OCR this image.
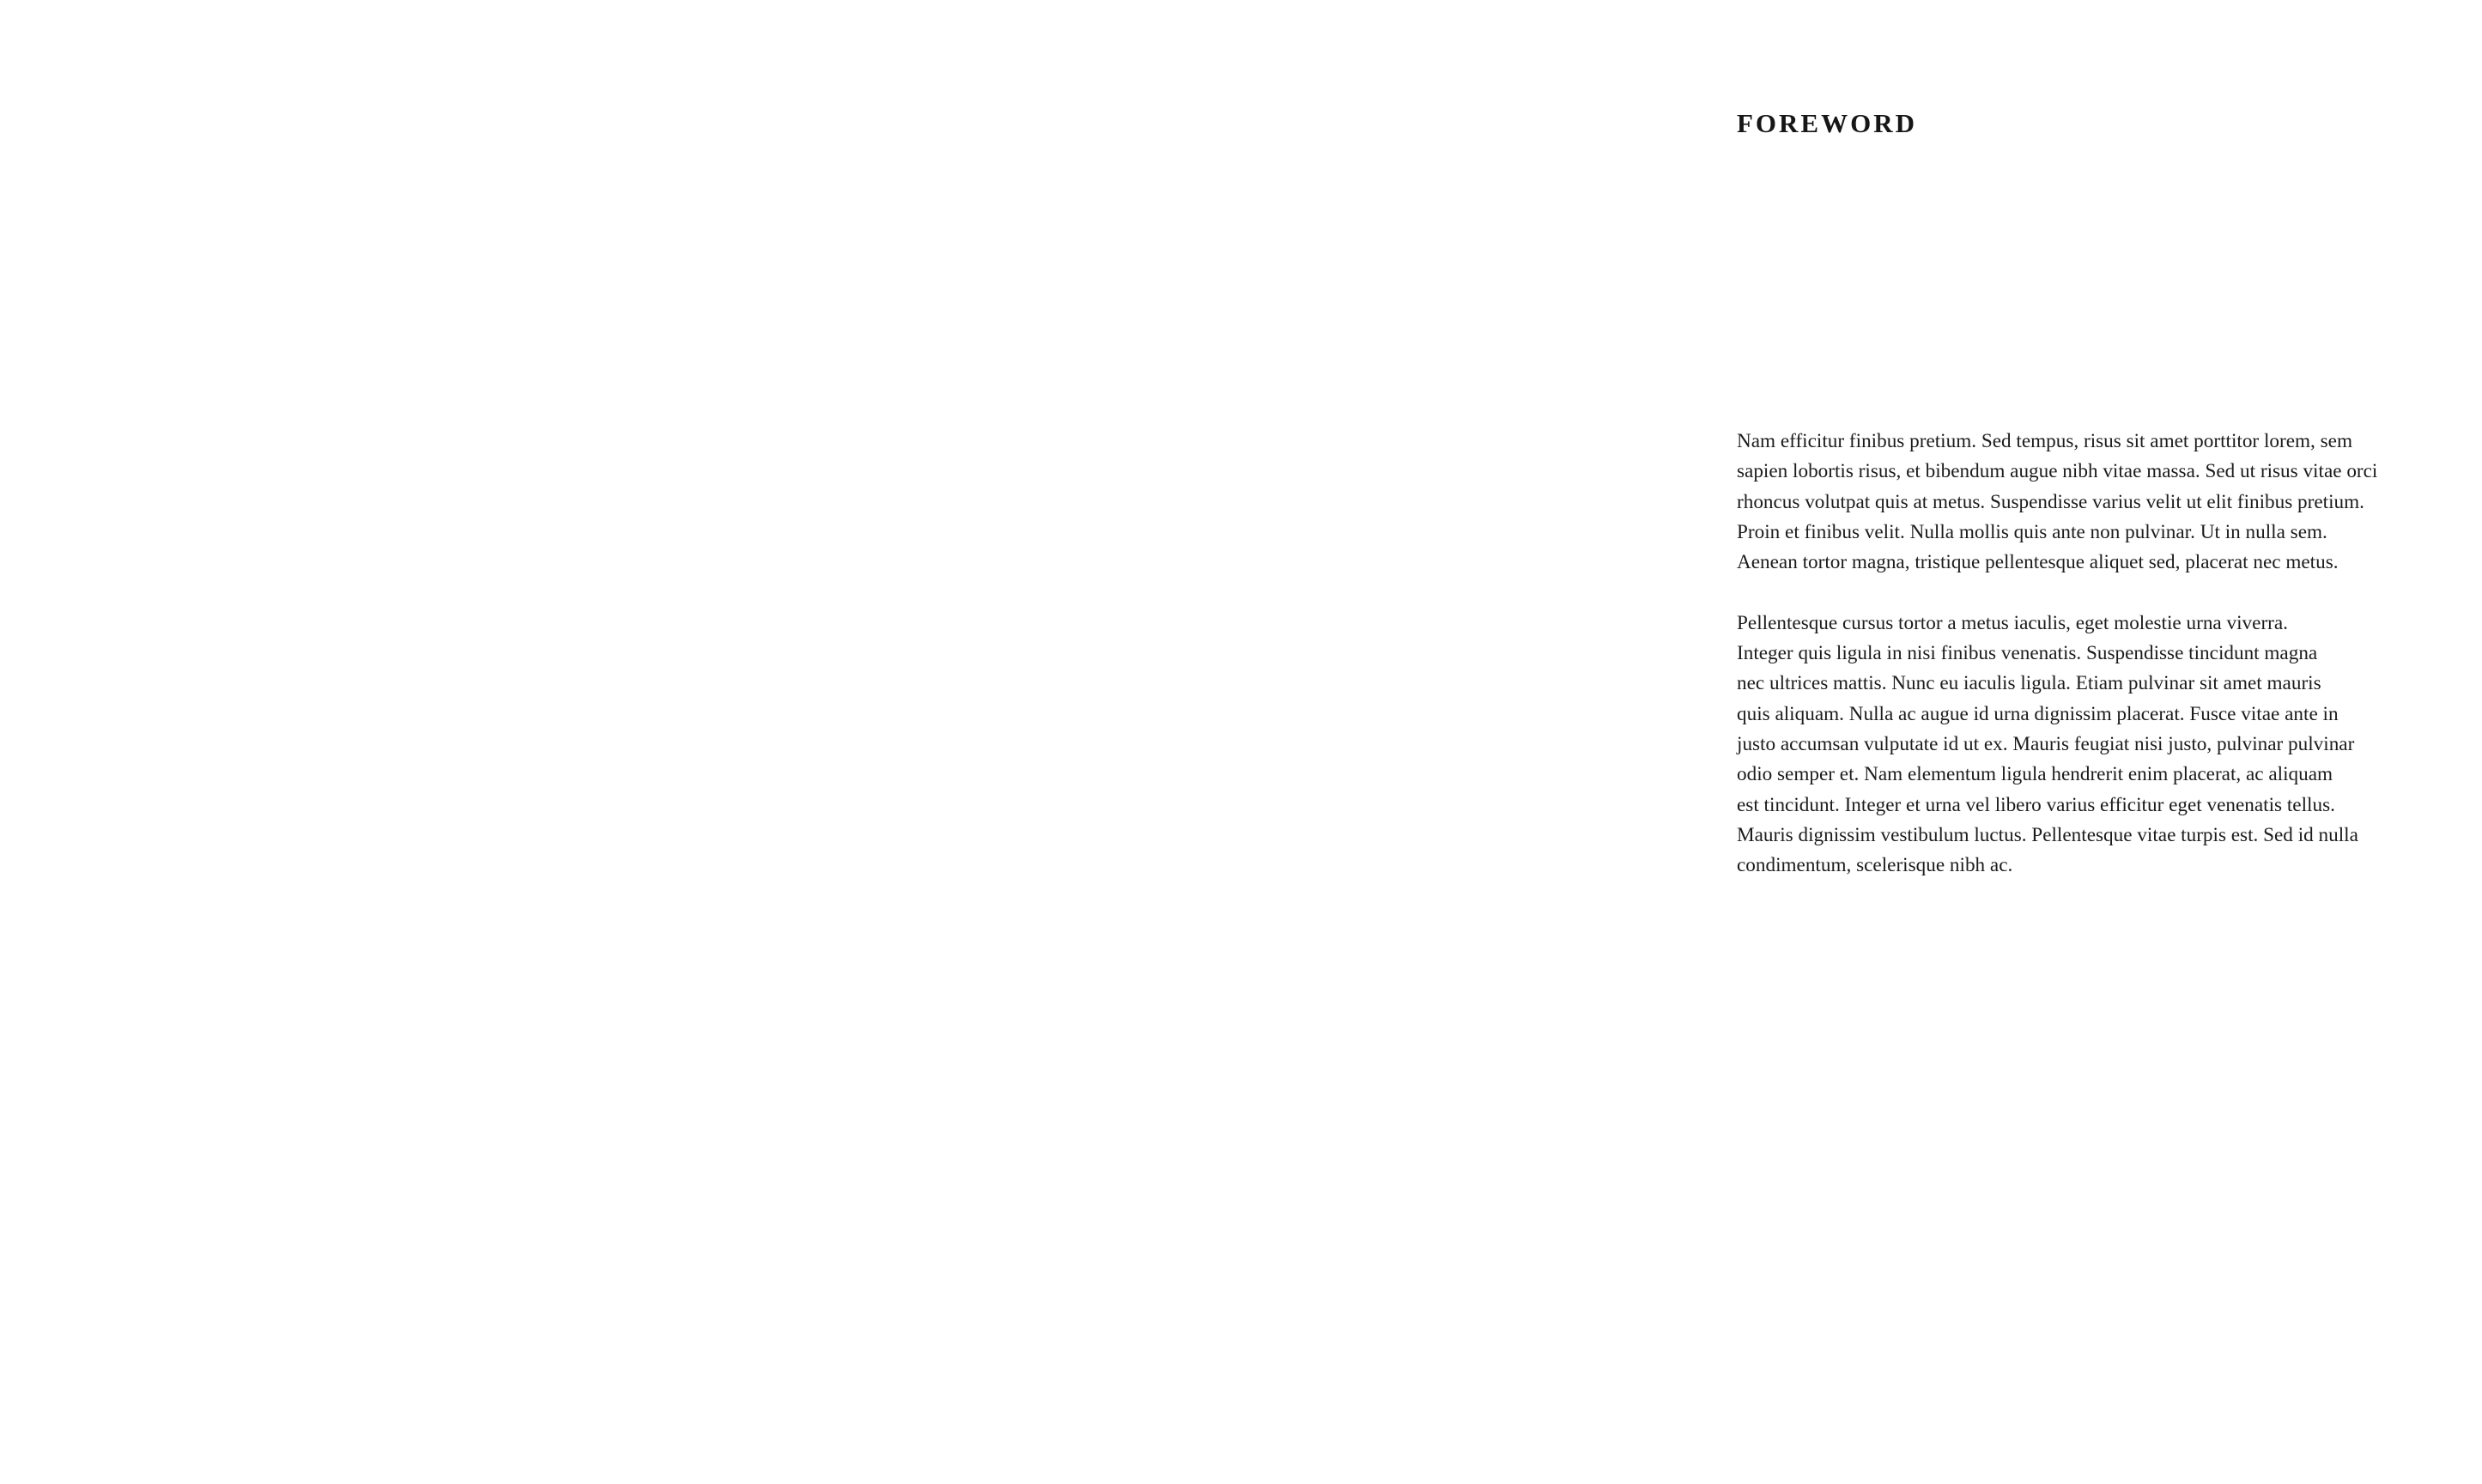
FOREWORD

Nam efficitur finibus pretium. Sed tempus, risus sit amet porttitor lorem, sem
sapien lobortis risus, et bibendum augue nibh vitae massa. Sed ut risus vitae orci
rhoncus volutpat quis at metus. Suspendisse varius velit ut elit finibus pretium.
Proin et finibus velit. Nulla mollis quis ante non pulvinar. Ut in nulla sem.
Aenean tortor magna, tristique pellentesque aliquet sed, placerat nec metus.

Pellentesque cursus tortor a metus iaculis, eget molestie urna viverra.
Integer quis ligula in nisi finibus venenatis. Suspendisse tincidunt magna
nec ultrices mattis. Nunc eu iaculis ligula. Etiam pulvinar sit amet mauris
quis aliquam. Nulla ac augue id urna dignissim placerat. Fusce vitae ante in
justo accumsan vulputate id ut ex. Mauris feugiat nisi justo, pulvinar pulvinar
odio semper et. Nam elementum ligula hendrerit enim placerat, ac aliquam
est tincidunt. Integer et urna vel libero varius efficitur eget venenatis tellus.
Mauris dignissim vestibulum luctus. Pellentesque vitae turpis est. Sed id nulla
condimentum, scelerisque nibh ac.
